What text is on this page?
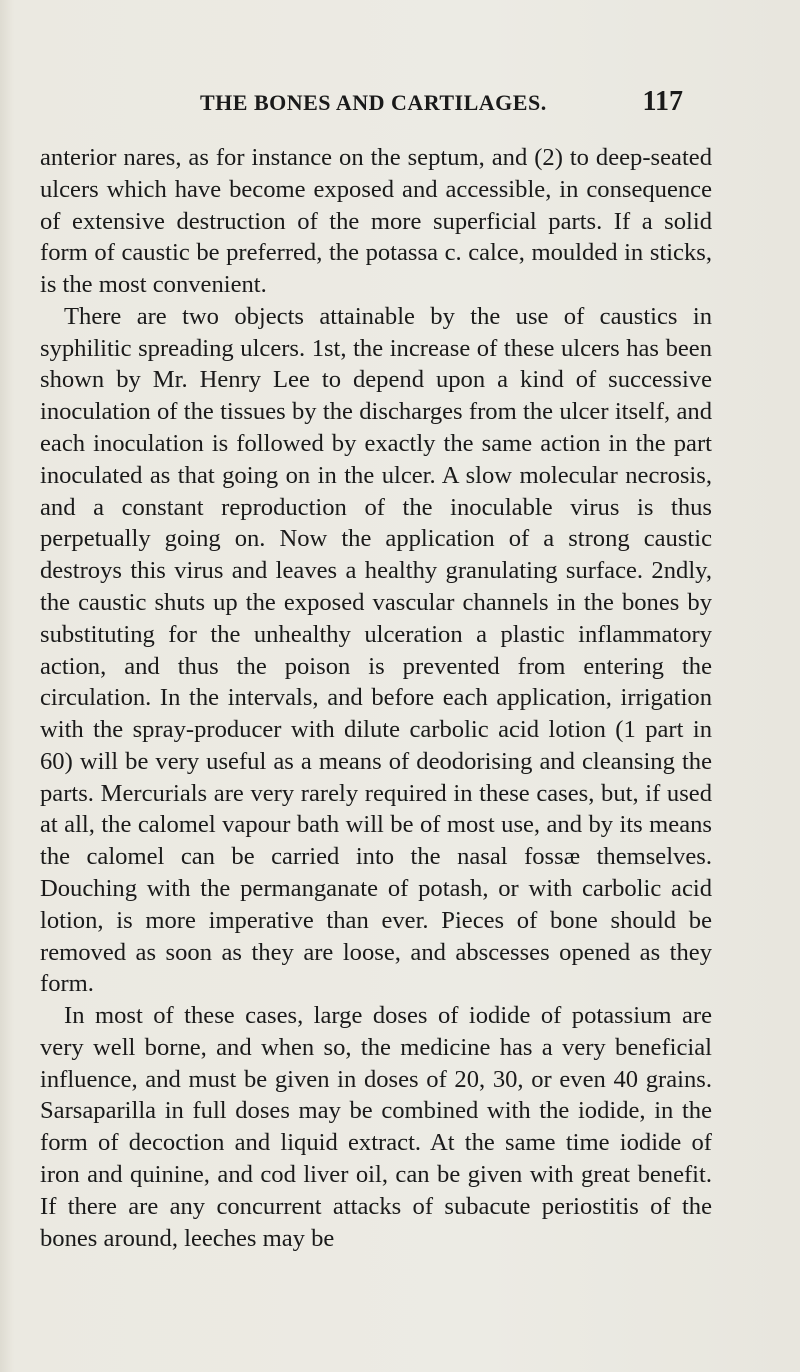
THE BONES AND CARTILAGES.	117

anterior nares, as for instance on the septum, and (2) to deep-seated ulcers which have become exposed and accessible, in consequence of extensive destruction of the more superficial parts. If a solid form of caustic be preferred, the potassa c. calce, moulded in sticks, is the most convenient.

There are two objects attainable by the use of caustics in syphilitic spreading ulcers. 1st, the increase of these ulcers has been shown by Mr. Henry Lee to depend upon a kind of successive inoculation of the tissues by the discharges from the ulcer itself, and each inoculation is followed by exactly the same action in the part inoculated as that going on in the ulcer. A slow molecular necrosis, and a constant reproduction of the inoculable virus is thus perpetually going on. Now the application of a strong caustic destroys this virus and leaves a healthy granulating surface. 2ndly, the caustic shuts up the exposed vascular channels in the bones by substituting for the unhealthy ulceration a plastic inflammatory action, and thus the poison is prevented from entering the circulation. In the intervals, and before each application, irrigation with the spray-producer with dilute carbolic acid lotion (1 part in 60) will be very useful as a means of deodorising and cleansing the parts. Mercurials are very rarely required in these cases, but, if used at all, the calomel vapour bath will be of most use, and by its means the calomel can be carried into the nasal fossæ themselves. Douching with the permanganate of potash, or with carbolic acid lotion, is more imperative than ever. Pieces of bone should be removed as soon as they are loose, and abscesses opened as they form.

In most of these cases, large doses of iodide of potassium are very well borne, and when so, the medicine has a very beneficial influence, and must be given in doses of 20, 30, or even 40 grains. Sarsaparilla in full doses may be combined with the iodide, in the form of decoction and liquid extract. At the same time iodide of iron and quinine, and cod liver oil, can be given with great benefit. If there are any concurrent attacks of subacute periostitis of the bones around, leeches may be
